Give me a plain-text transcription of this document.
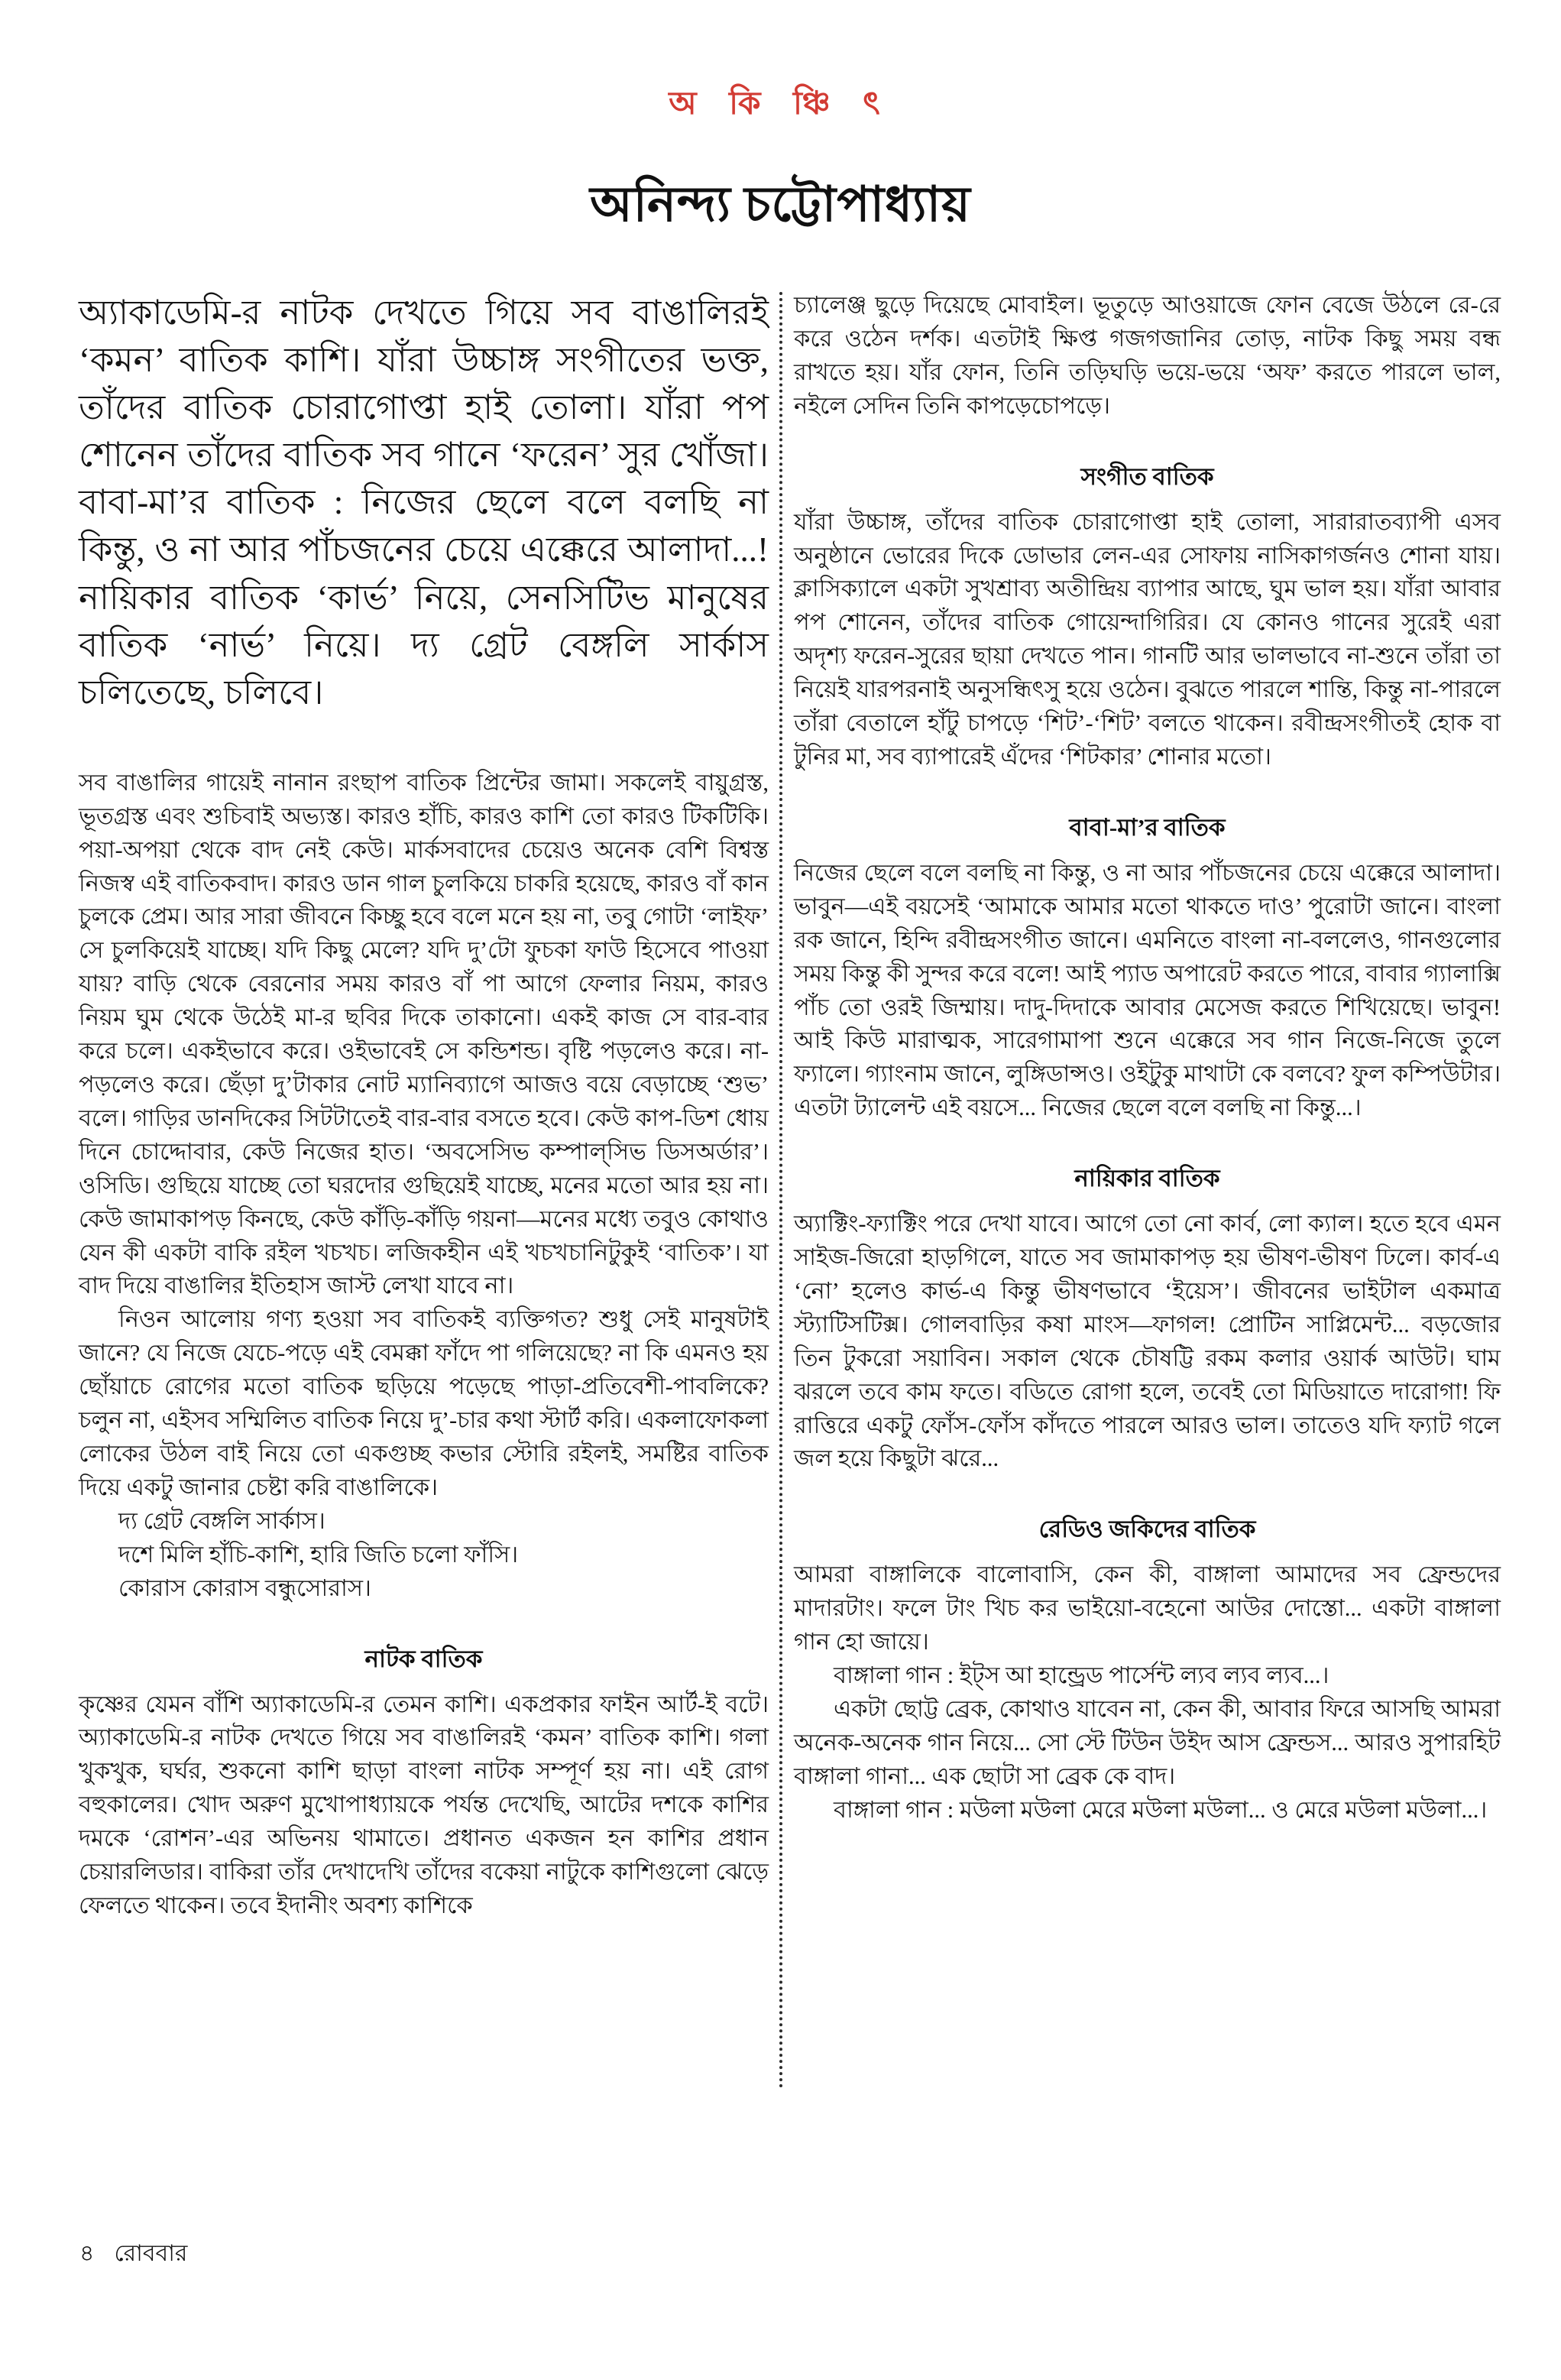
অ কি ঞ্চি ৎ
অনিন্দ্য চট্টোপাধ্যায়
অ্যাকাডেমি-র নাটক দেখতে গিয়ে সব বাঙালিরই ‘কমন’ বাতিক কাশি। যাঁরা উচ্চাঙ্গ সংগীতের ভক্ত, তাঁদের বাতিক চোরাগোপ্তা হাই তোলা। যাঁরা পপ শোনেন তাঁদের বাতিক সব গানে ‘ফরেন’ সুর খোঁজা। বাবা-মা’র বাতিক : নিজের ছেলে বলে বলছি না কিন্তু, ও না আর পাঁচজনের চেয়ে এক্কেরে আলাদা...! নায়িকার বাতিক ‘কার্ভ’ নিয়ে, সেনসিটিভ মানুষের বাতিক ‘নার্ভ’ নিয়ে। দ্য গ্রেট বেঙ্গলি সার্কাস চলিতেছে, চলিবে।

সব বাঙালির গায়েই নানান রংছাপ বাতিক প্রিন্টের জামা। সকলেই বায়ুগ্রস্ত, ভূতগ্রস্ত এবং শুচিবাই অভ্যস্ত। কারও হাঁচি, কারও কাশি তো কারও টিকটিকি। পয়া-অপয়া থেকে বাদ নেই কেউ। মার্কসবাদের চেয়েও অনেক বেশি বিশ্বস্ত নিজস্ব এই বাতিকবাদ। কারও ডান গাল চুলকিয়ে চাকরি হয়েছে, কারও বাঁ কান চুলকে প্রেম। আর সারা জীবনে কিচ্ছু হবে বলে মনে হয় না, তবু গোটা ‘লাইফ’ সে চুলকিয়েই যাচ্ছে। যদি কিছু মেলে? যদি দু’টো ফুচকা ফাউ হিসেবে পাওয়া যায়? বাড়ি থেকে বেরনোর সময় কারও বাঁ পা আগে ফেলার নিয়ম, কারও নিয়ম ঘুম থেকে উঠেই মা-র ছবির দিকে তাকানো। একই কাজ সে বার-বার করে চলে। একইভাবে করে। ওইভাবেই সে কন্ডিশন্ড। বৃষ্টি পড়লেও করে। না-পড়লেও করে। ছেঁড়া দু’টাকার নোট ম্যানিব্যাগে আজও বয়ে বেড়াচ্ছে ‘শুভ’ বলে। গাড়ির ডানদিকের সিটটাতেই বার-বার বসতে হবে। কেউ কাপ-ডিশ ধোয় দিনে চোদ্দোবার, কেউ নিজের হাত। ‘অবসেসিভ কম্পাল্‌সিভ ডিসঅর্ডার’। ওসিডি। গুছিয়ে যাচ্ছে তো ঘরদোর গুছিয়েই যাচ্ছে, মনের মতো আর হয় না। কেউ জামাকাপড় কিনছে, কেউ কাঁড়ি-কাঁড়ি গয়না—মনের মধ্যে তবুও কোথাও যেন কী একটা বাকি রইল খচখচ। লজিকহীন এই খচখচানিটুকুই ‘বাতিক’। যা বাদ দিয়ে বাঙালির ইতিহাস জাস্ট লেখা যাবে না।

নিওন আলোয় গণ্য হওয়া সব বাতিকই ব্যক্তিগত? শুধু সেই মানুষটাই জানে? যে নিজে যেচে-পড়ে এই বেমক্কা ফাঁদে পা গলিয়েছে? না কি এমনও হয় ছোঁয়াচে রোগের মতো বাতিক ছড়িয়ে পড়েছে পাড়া-প্রতিবেশী-পাবলিকে? চলুন না, এইসব সম্মিলিত বাতিক নিয়ে দু’-চার কথা স্টার্ট করি। একলাফোকলা লোকের উঠল বাই নিয়ে তো একগুচ্ছ কভার স্টোরি রইলই, সমষ্টির বাতিক দিয়ে একটু জানার চেষ্টা করি বাঙালিকে।

দ্য গ্রেট বেঙ্গলি সার্কাস।

দশে মিলি হাঁচি-কাশি, হারি জিতি চলো ফাঁসি।

কোরাস কোরাস বন্ধুসোরাস।

নাটক বাতিক

কৃষ্ণের যেমন বাঁশি অ্যাকাডেমি-র তেমন কাশি। একপ্রকার ফাইন আর্ট-ই বটে। অ্যাকাডেমি-র নাটক দেখতে গিয়ে সব বাঙালিরই ‘কমন’ বাতিক কাশি। গলা খুকখুক, ঘর্ঘর, শুকনো কাশি ছাড়া বাংলা নাটক সম্পূর্ণ হয় না। এই রোগ বহুকালের। খোদ অরুণ মুখোপাধ্যায়কে পর্যন্ত দেখেছি, আটের দশকে কাশির দমকে ‘রোশন’-এর অভিনয় থামাতে। প্রধানত একজন হন কাশির প্রধান চেয়ারলিডার। বাকিরা তাঁর দেখাদেখি তাঁদের বকেয়া নাটুকে কাশিগুলো ঝেড়ে ফেলতে থাকেন। তবে ইদানীং অবশ্য কাশিকে

চ্যালেঞ্জ ছুড়ে দিয়েছে মোবাইল। ভূতুড়ে আওয়াজে ফোন বেজে উঠলে রে-রে করে ওঠেন দর্শক। এতটাই ক্ষিপ্ত গজগজানির তোড়, নাটক কিছু সময় বন্ধ রাখতে হয়। যাঁর ফোন, তিনি তড়িঘড়ি ভয়ে-ভয়ে ‘অফ’ করতে পারলে ভাল, নইলে সেদিন তিনি কাপড়েচোপড়ে।

সংগীত বাতিক

যাঁরা উচ্চাঙ্গ, তাঁদের বাতিক চোরাগোপ্তা হাই তোলা, সারারাতব্যাপী এসব অনুষ্ঠানে ভোরের দিকে ডোভার লেন-এর সোফায় নাসিকাগর্জনও শোনা যায়। ক্লাসিক্যালে একটা সুখশ্রাব্য অতীন্দ্রিয় ব্যাপার আছে, ঘুম ভাল হয়। যাঁরা আবার পপ শোনেন, তাঁদের বাতিক গোয়েন্দাগিরির। যে কোনও গানের সুরেই এরা অদৃশ্য ফরেন-সুরের ছায়া দেখতে পান। গানটি আর ভালভাবে না-শুনে তাঁরা তা নিয়েই যারপরনাই অনুসন্ধিৎসু হয়ে ওঠেন। বুঝতে পারলে শান্তি, কিন্তু না-পারলে তাঁরা বেতালে হাঁটু চাপড়ে ‘শিট’-‘শিট’ বলতে থাকেন। রবীন্দ্রসংগীতই হোক বা টুনির মা, সব ব্যাপারেই এঁদের ‘শিটকার’ শোনার মতো।

বাবা-মা’র বাতিক

নিজের ছেলে বলে বলছি না কিন্তু, ও না আর পাঁচজনের চেয়ে এক্কেরে আলাদা। ভাবুন—এই বয়সেই ‘আমাকে আমার মতো থাকতে দাও’ পুরোটা জানে। বাংলা রক জানে, হিন্দি রবীন্দ্রসংগীত জানে। এমনিতে বাংলা না-বললেও, গানগুলোর সময় কিন্তু কী সুন্দর করে বলে! আই প্যাড অপারেট করতে পারে, বাবার গ্যালাক্সি পাঁচ তো ওরই জিম্মায়। দাদু-দিদাকে আবার মেসেজ করতে শিখিয়েছে। ভাবুন! আই কিউ মারাত্মক, সারেগামাপা শুনে এক্কেরে সব গান নিজে-নিজে তুলে ফ্যালে। গ্যাংনাম জানে, লুঙ্গিডান্সও। ওইটুকু মাথাটা কে বলবে? ফুল কম্পিউটার। এতটা ট্যালেন্ট এই বয়সে... নিজের ছেলে বলে বলছি না কিন্তু...।

নায়িকার বাতিক

অ্যাক্টিং-ফ্যাক্টিং পরে দেখা যাবে। আগে তো নো কার্ব, লো ক্যাল। হতে হবে এমন সাইজ-জিরো হাড়গিলে, যাতে সব জামাকাপড় হয় ভীষণ-ভীষণ ঢিলে। কার্ব-এ ‘নো’ হলেও কার্ভ-এ কিন্তু ভীষণভাবে ‘ইয়েস’। জীবনের ভাইটাল একমাত্র স্ট্যাটিসটিক্স। গোলবাড়ির কষা মাংস—ফাগল! প্রোটিন সাপ্লিমেন্ট... বড়জোর তিন টুকরো সয়াবিন। সকাল থেকে চৌষট্টি রকম কলার ওয়ার্ক আউট। ঘাম ঝরলে তবে কাম ফতে। বডিতে রোগা হলে, তবেই তো মিডিয়াতে দারোগা! ফি রাত্তিরে একটু ফোঁস-ফোঁস কাঁদতে পারলে আরও ভাল। তাতেও যদি ফ্যাট গলে জল হয়ে কিছুটা ঝরে...

রেডিও জকিদের বাতিক

আমরা বাঙ্গালিকে বালোবাসি, কেন কী, বাঙ্গালা আমাদের সব ফ্রেন্ডদের মাদারটাং। ফলে টাং খিচ কর ভাইয়ো-বহেনো আউর দোস্তো... একটা বাঙ্গালা গান হো জায়ে।

বাঙ্গালা গান : ইট্‌স আ হান্ড্রেড পার্সেন্ট ল্যব ল্যব ল্যব...।

একটা ছোট্ট ব্রেক, কোথাও যাবেন না, কেন কী, আবার ফিরে আসছি আমরা অনেক-অনেক গান নিয়ে... সো স্টে টিউন উইদ আস ফ্রেন্ডস... আরও সুপারহিট বাঙ্গালা গানা... এক ছোটা সা ব্রেক কে বাদ।

বাঙ্গালা গান : মউলা মউলা মেরে মউলা মউলা... ও মেরে মউলা মউলা...।

৪ রোববার
